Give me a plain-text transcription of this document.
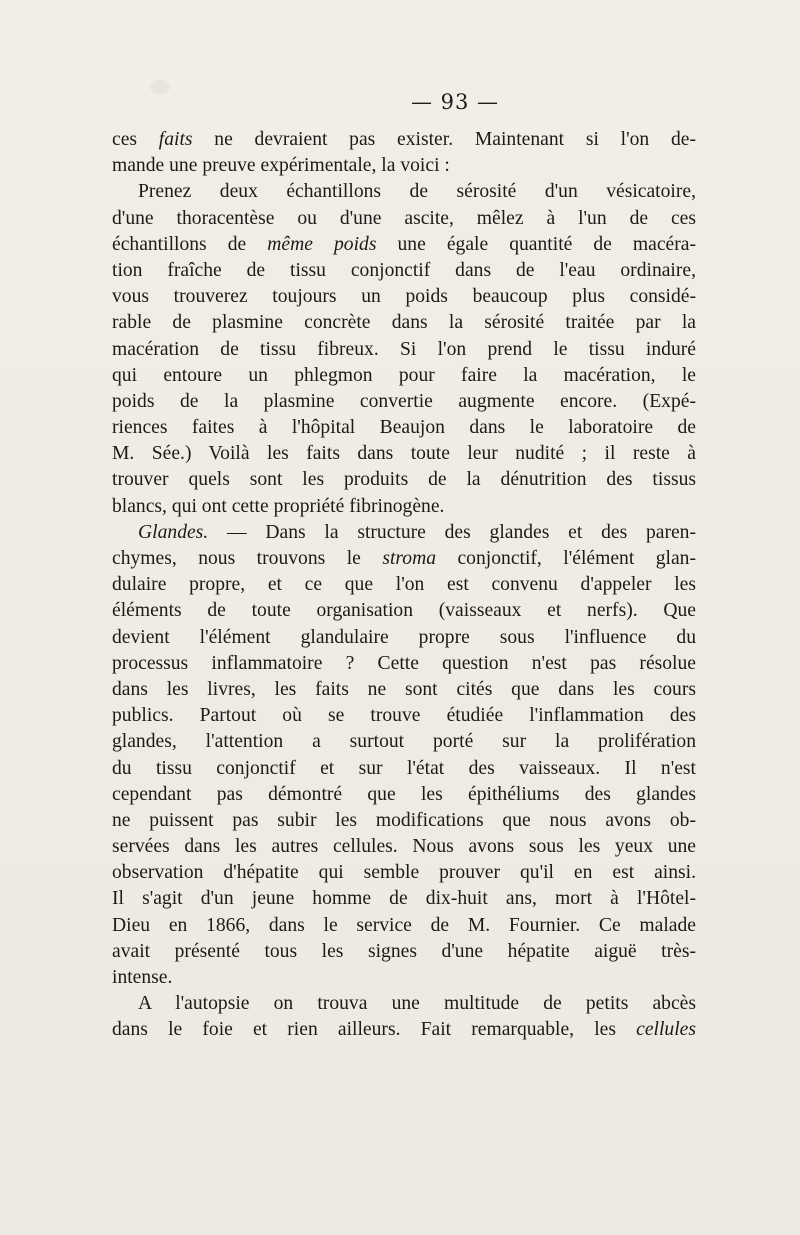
— 93 —
ces faits ne devraient pas exister. Maintenant si l'on de-
mande une preuve expérimentale, la voici :
Prenez deux échantillons de sérosité d'un vésicatoire,
d'une thoracentèse ou d'une ascite, mêlez à l'un de ces
échantillons de même poids une égale quantité de macéra-
tion fraîche de tissu conjonctif dans de l'eau ordinaire,
vous trouverez toujours un poids beaucoup plus considé-
rable de plasmine concrète dans la sérosité traitée par la
macération de tissu fibreux. Si l'on prend le tissu induré
qui entoure un phlegmon pour faire la macération, le
poids de la plasmine convertie augmente encore. (Expé-
riences faites à l'hôpital Beaujon dans le laboratoire de
M. Sée.) Voilà les faits dans toute leur nudité ; il reste à
trouver quels sont les produits de la dénutrition des tissus
blancs, qui ont cette propriété fibrinogène.
Glandes. — Dans la structure des glandes et des paren-
chymes, nous trouvons le stroma conjonctif, l'élément glan-
dulaire propre, et ce que l'on est convenu d'appeler les
éléments de toute organisation (vaisseaux et nerfs). Que
devient l'élément glandulaire propre sous l'influence du
processus inflammatoire ? Cette question n'est pas résolue
dans les livres, les faits ne sont cités que dans les cours
publics. Partout où se trouve étudiée l'inflammation des
glandes, l'attention a surtout porté sur la prolifération
du tissu conjonctif et sur l'état des vaisseaux. Il n'est
cependant pas démontré que les épithéliums des glandes
ne puissent pas subir les modifications que nous avons ob-
servées dans les autres cellules. Nous avons sous les yeux une
observation d'hépatite qui semble prouver qu'il en est ainsi.
Il s'agit d'un jeune homme de dix-huit ans, mort à l'Hôtel-
Dieu en 1866, dans le service de M. Fournier. Ce malade
avait présenté tous les signes d'une hépatite aiguë très-
intense.
A l'autopsie on trouva une multitude de petits abcès
dans le foie et rien ailleurs. Fait remarquable, les cellules
